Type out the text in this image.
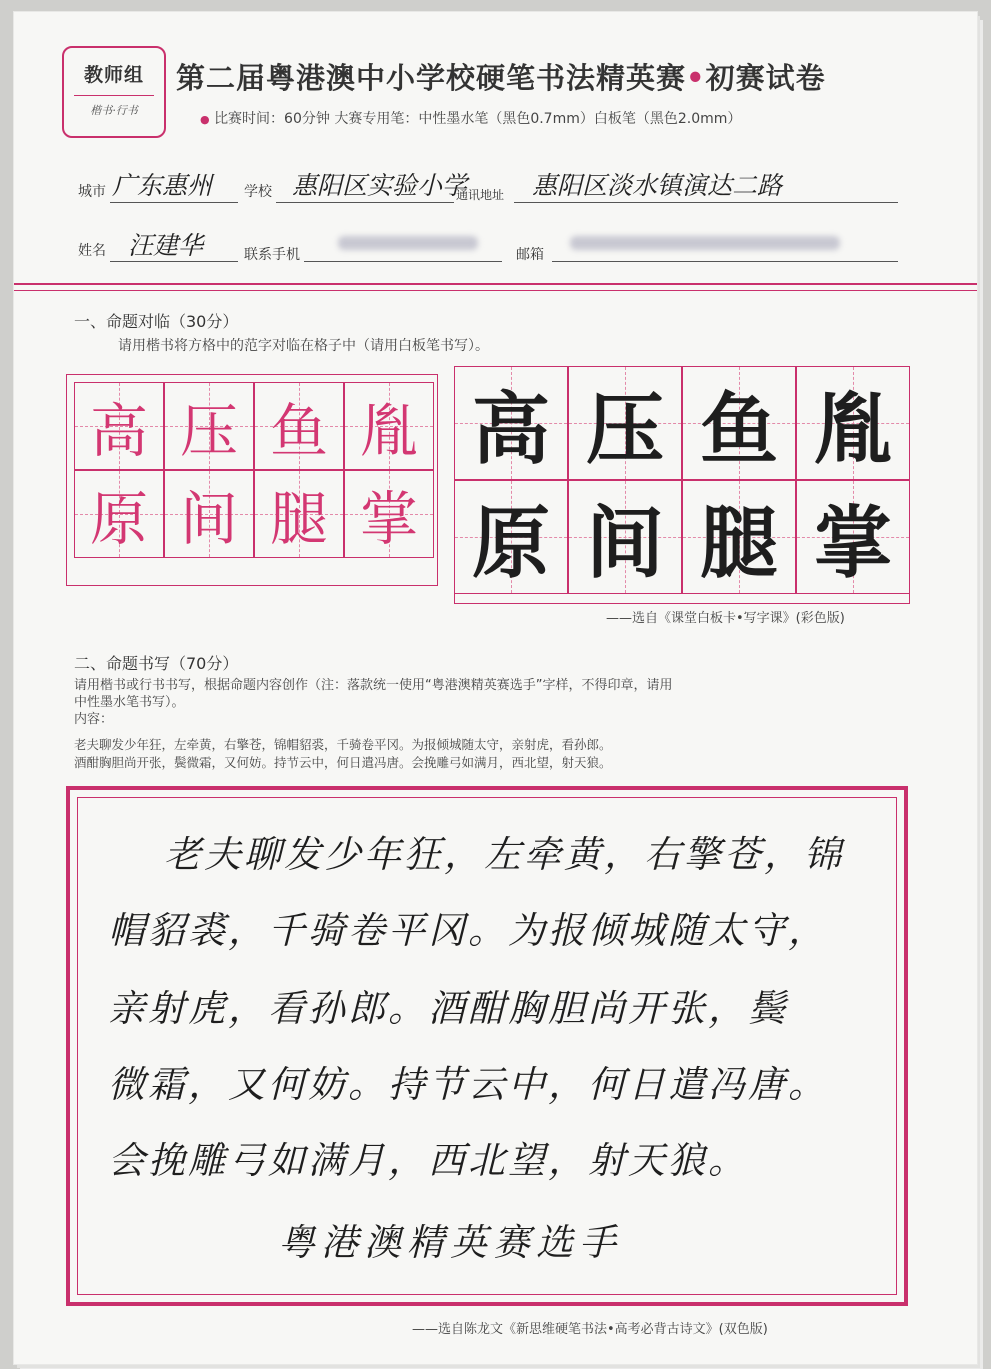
教师组
楷书·行书
第二届粤港澳中小学校硬笔书法精英赛•初赛试卷
● 比赛时间：60分钟 大赛专用笔：中性墨水笔（黑色0.7mm）白板笔（黑色2.0mm）
城市 广东惠州 学校 惠阳区实验小学
通讯地址 惠阳区淡水镇演达二路
姓名 汪建华	联系手机	邮箱
一、命题对临（30分）
请用楷书将方格中的范字对临在格子中（请用白板笔书写）。
高 压 鱼 胤
原 间 腿 掌
高 压 鱼 胤
原 间 腿 掌
——选自《课堂白板卡•写字课》(彩色版)
二、命题书写（70分）
请用楷书或行书书写，根据命题内容创作（注：落款统一使用“粤港澳精英赛选手”字样，不得印章，请用
中性墨水笔书写）。
内容：
老夫聊发少年狂，左牵黄，右擎苍，锦帽貂裘，千骑卷平冈。为报倾城随太守，亲射虎，看孙郎。
酒酣胸胆尚开张，鬓微霜，又何妨。持节云中，何日遣冯唐。会挽雕弓如满月，西北望，射天狼。
老夫聊发少年狂，左牵黄，右擎苍，锦
帽貂裘，千骑卷平冈。为报倾城随太守，
亲射虎，看孙郎。酒酣胸胆尚开张，鬓
微霜，又何妨。持节云中，何日遣冯唐。
会挽雕弓如满月，西北望，射天狼。
粤港澳精英赛选手
——选自陈龙文《新思维硬笔书法•高考必背古诗文》(双色版)
